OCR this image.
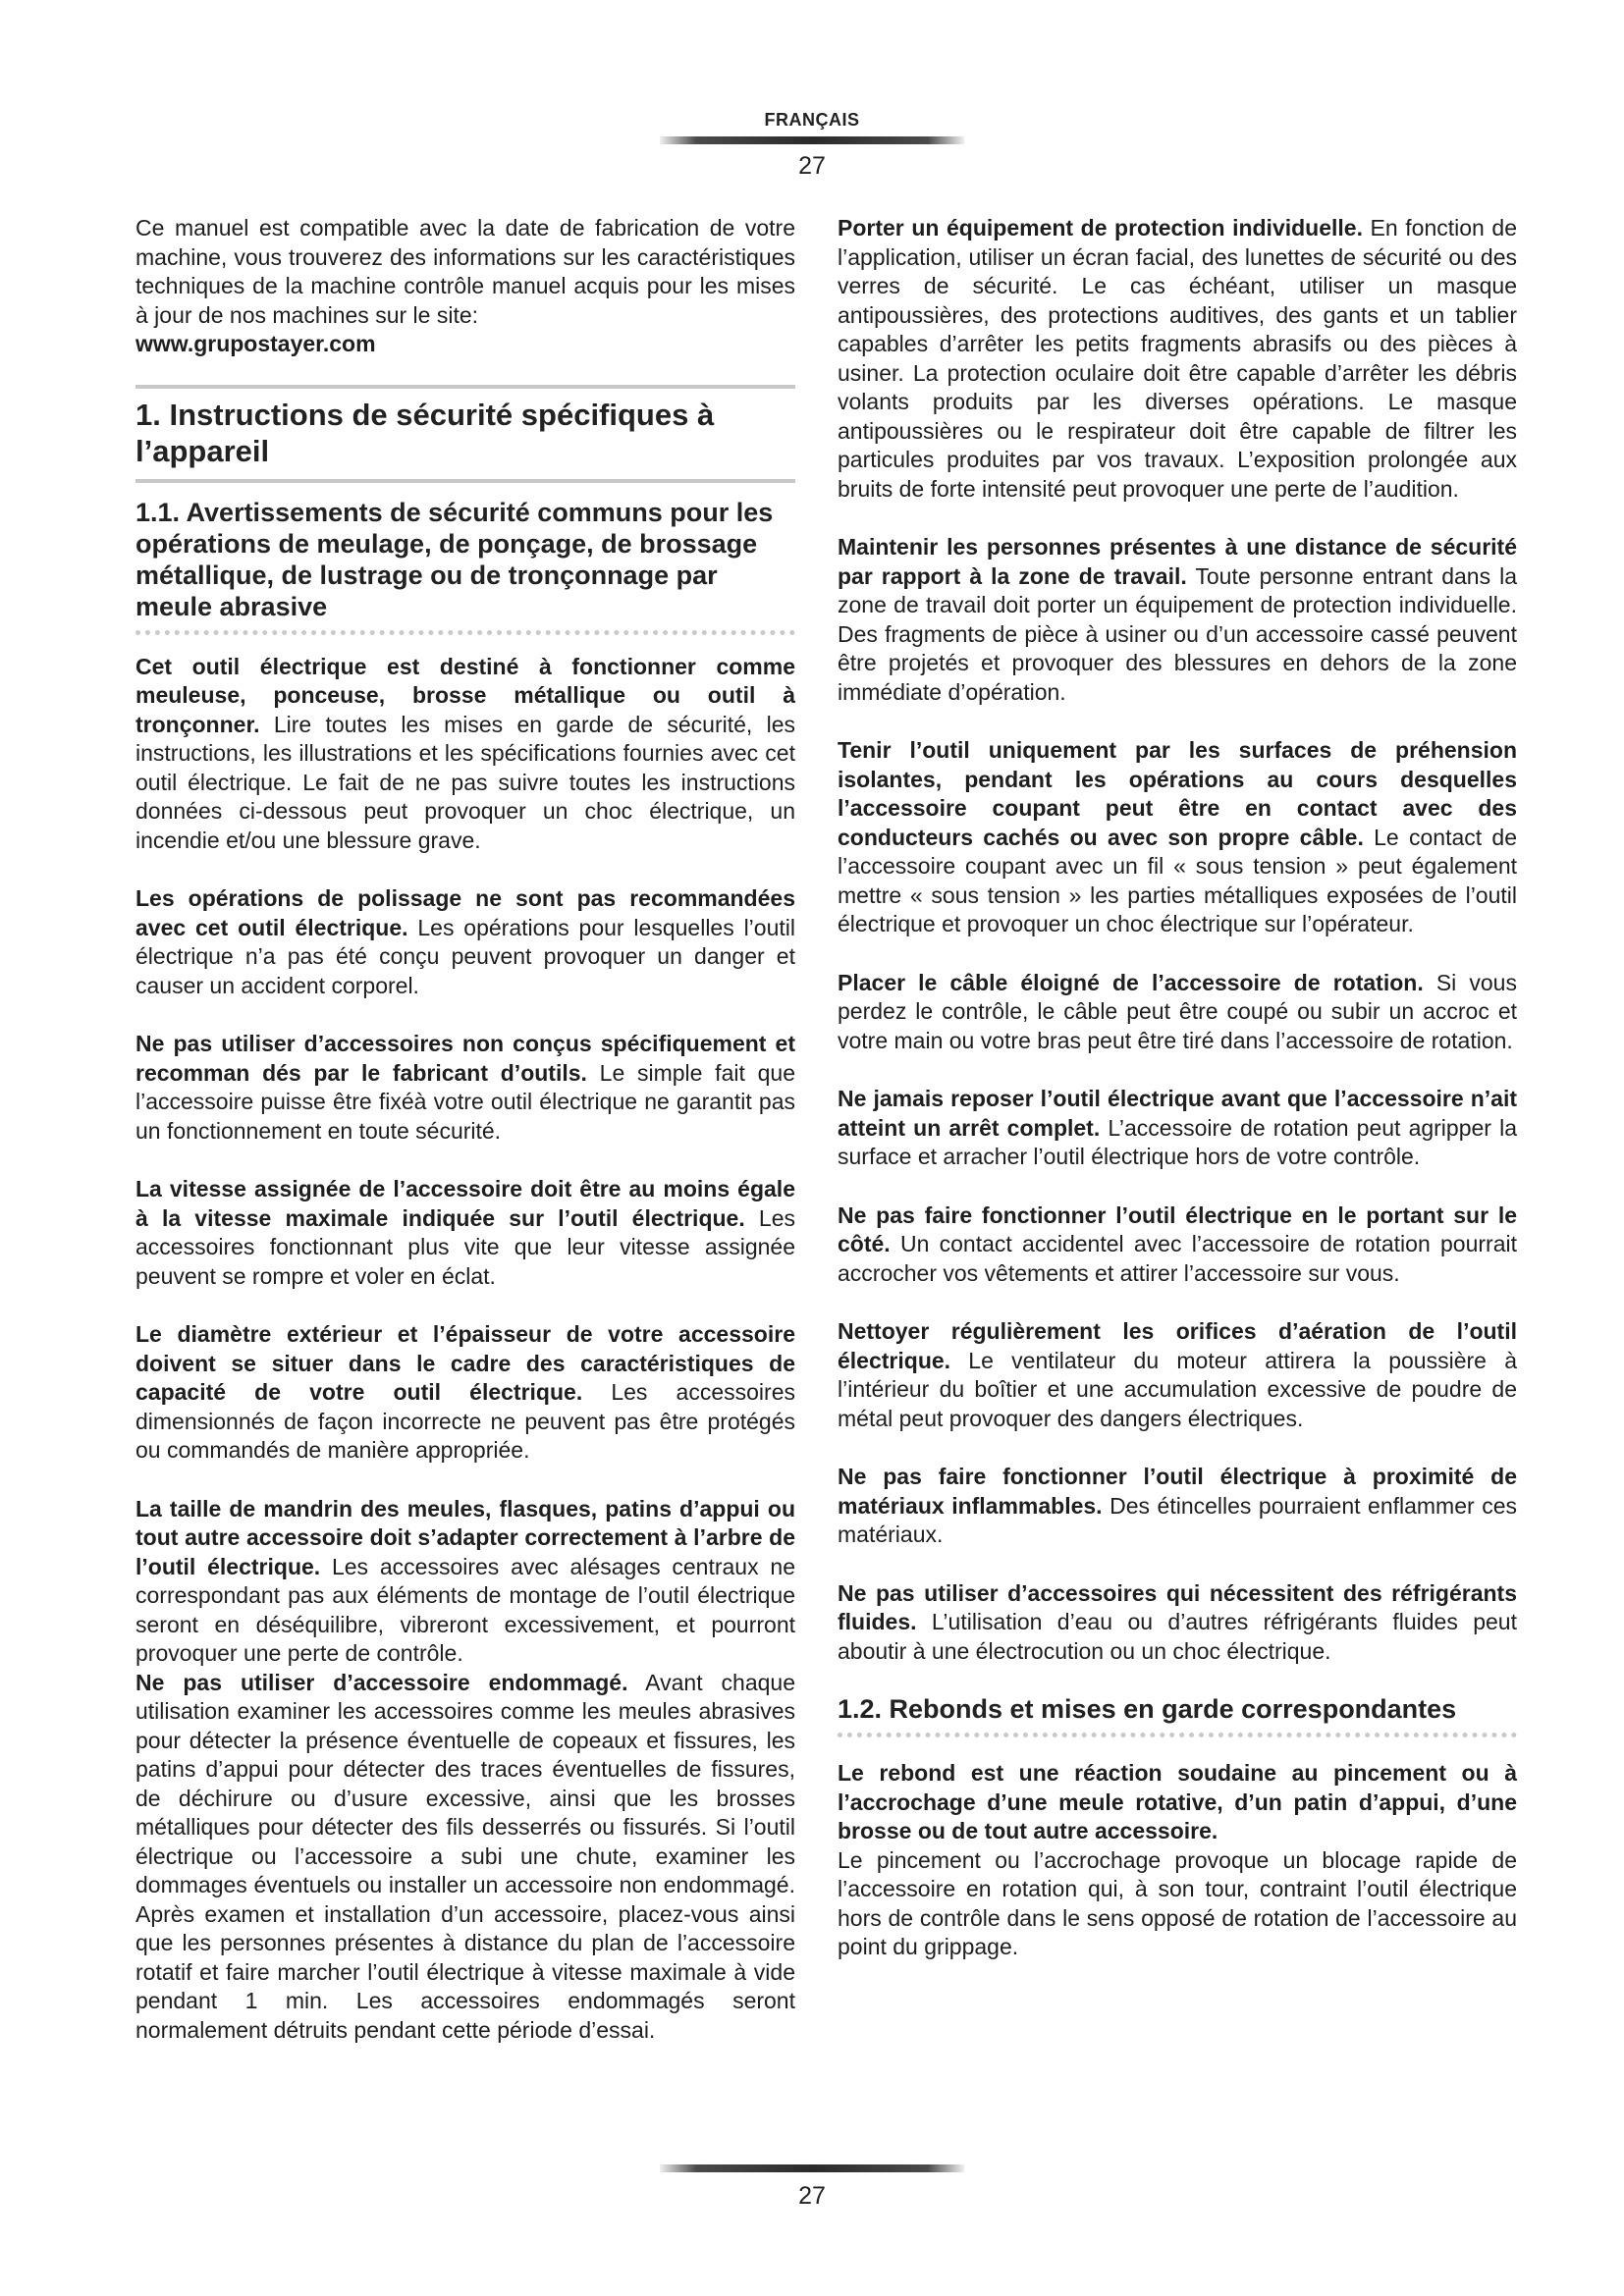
FRANÇAIS
27

Ce manuel est compatible avec la date de fabrication de votre machine, vous trouverez des informations sur les caractéristiques techniques de la machine contrôle manuel acquis pour les mises à jour de nos machines sur le site:
www.grupostayer.com

1. Instructions de sécurité spécifiques à l’appareil
1.1. Avertissements de sécurité communs pour les opérations de meulage, de ponçage, de brossage métallique, de lustrage ou de tronçonnage par meule abrasive

Cet outil électrique est destiné à fonctionner comme meuleuse, ponceuse, brosse métallique ou outil à tronçonner. Lire toutes les mises en garde de sécurité, les instructions, les illustrations et les spécifications fournies avec cet outil électrique. Le fait de ne pas suivre toutes les instructions données ci-dessous peut provoquer un choc électrique, un incendie et/ou une blessure grave.

Les opérations de polissage ne sont pas recommandées avec cet outil électrique. Les opérations pour lesquelles l’outil électrique n’a pas été conçu peuvent provoquer un danger et causer un accident corporel.

Ne pas utiliser d’accessoires non conçus spécifiquement et recomman dés par le fabricant d’outils. Le simple fait que l’accessoire puisse être fixéà votre outil électrique ne garantit pas un fonctionnement en toute sécurité.

La vitesse assignée de l’accessoire doit être au moins égale à la vitesse maximale indiquée sur l’outil électrique. Les accessoires fonctionnant plus vite que leur vitesse assignée peuvent se rompre et voler en éclat.

Le diamètre extérieur et l’épaisseur de votre accessoire doivent se situer dans le cadre des caractéristiques de capacité de votre outil électrique. Les accessoires dimensionnés de façon incorrecte ne peuvent pas être protégés ou commandés de manière appropriée.

La taille de mandrin des meules, flasques, patins d’appui ou tout autre accessoire doit s’adapter correctement à l’arbre de l’outil électrique. Les accessoires avec alésages centraux ne correspondant pas aux éléments de montage de l’outil électrique seront en déséquilibre, vibreront excessivement, et pourront provoquer une perte de contrôle.

Ne pas utiliser d’accessoire endommagé. Avant chaque utilisation examiner les accessoires comme les meules abrasives pour détecter la présence éventuelle de copeaux et fissures, les patins d’appui pour détecter des traces éventuelles de fissures, de déchirure ou d’usure excessive, ainsi que les brosses métalliques pour détecter des fils desserrés ou fissurés. Si l’outil électrique ou l’accessoire a subi une chute, examiner les dommages éventuels ou installer un accessoire non endommagé. Après examen et installation d’un accessoire, placez-vous ainsi que les personnes présentes à distance du plan de l’accessoire rotatif et faire marcher l’outil électrique à vitesse maximale à vide pendant 1 min. Les accessoires endommagés seront normalement détruits pendant cette période d’essai.

Porter un équipement de protection individuelle. En fonction de l’application, utiliser un écran facial, des lunettes de sécurité ou des verres de sécurité. Le cas échéant, utiliser un masque antipoussières, des protections auditives, des gants et un tablier capables d’arrêter les petits fragments abrasifs ou des pièces à usiner. La protection oculaire doit être capable d’arrêter les débris volants produits par les diverses opérations. Le masque antipoussières ou le respirateur doit être capable de filtrer les particules produites par vos travaux. L’exposition prolongée aux bruits de forte intensité peut provoquer une perte de l’audition.

Maintenir les personnes présentes à une distance de sécurité par rapport à la zone de travail. Toute personne entrant dans la zone de travail doit porter un équipement de protection individuelle. Des fragments de pièce à usiner ou d’un accessoire cassé peuvent être projetés et provoquer des blessures en dehors de la zone immédiate d’opération.

Tenir l’outil uniquement par les surfaces de préhension isolantes, pendant les opérations au cours desquelles l’accessoire coupant peut être en contact avec des conducteurs cachés ou avec son propre câble. Le contact de l’accessoire coupant avec un fil « sous tension » peut également mettre « sous tension » les parties métalliques exposées de l’outil électrique et provoquer un choc électrique sur l’opérateur.

Placer le câble éloigné de l’accessoire de rotation. Si vous perdez le contrôle, le câble peut être coupé ou subir un accroc et votre main ou votre bras peut être tiré dans l’accessoire de rotation.

Ne jamais reposer l’outil électrique avant que l’accessoire n’ait atteint un arrêt complet. L’accessoire de rotation peut agripper la surface et arracher l’outil électrique hors de votre contrôle.

Ne pas faire fonctionner l’outil électrique en le portant sur le côté. Un contact accidentel avec l’accessoire de rotation pourrait accrocher vos vêtements et attirer l’accessoire sur vous.

Nettoyer régulièrement les orifices d’aération de l’outil électrique. Le ventilateur du moteur attirera la poussière à l’intérieur du boîtier et une accumulation excessive de poudre de métal peut provoquer des dangers électriques.

Ne pas faire fonctionner l’outil électrique à proximité de matériaux inflammables. Des étincelles pourraient enflammer ces matériaux.

Ne pas utiliser d’accessoires qui nécessitent des réfrigérants fluides. L’utilisation d’eau ou d’autres réfrigérants fluides peut aboutir à une électrocution ou un choc électrique.

1.2. Rebonds et mises en garde correspondantes

Le rebond est une réaction soudaine au pincement ou à l’accrochage d’une meule rotative, d’un patin d’appui, d’une brosse ou de tout autre accessoire.
Le pincement ou l’accrochage provoque un blocage rapide de l’accessoire en rotation qui, à son tour, contraint l’outil électrique hors de contrôle dans le sens opposé de rotation de l’accessoire au point du grippage.

27
